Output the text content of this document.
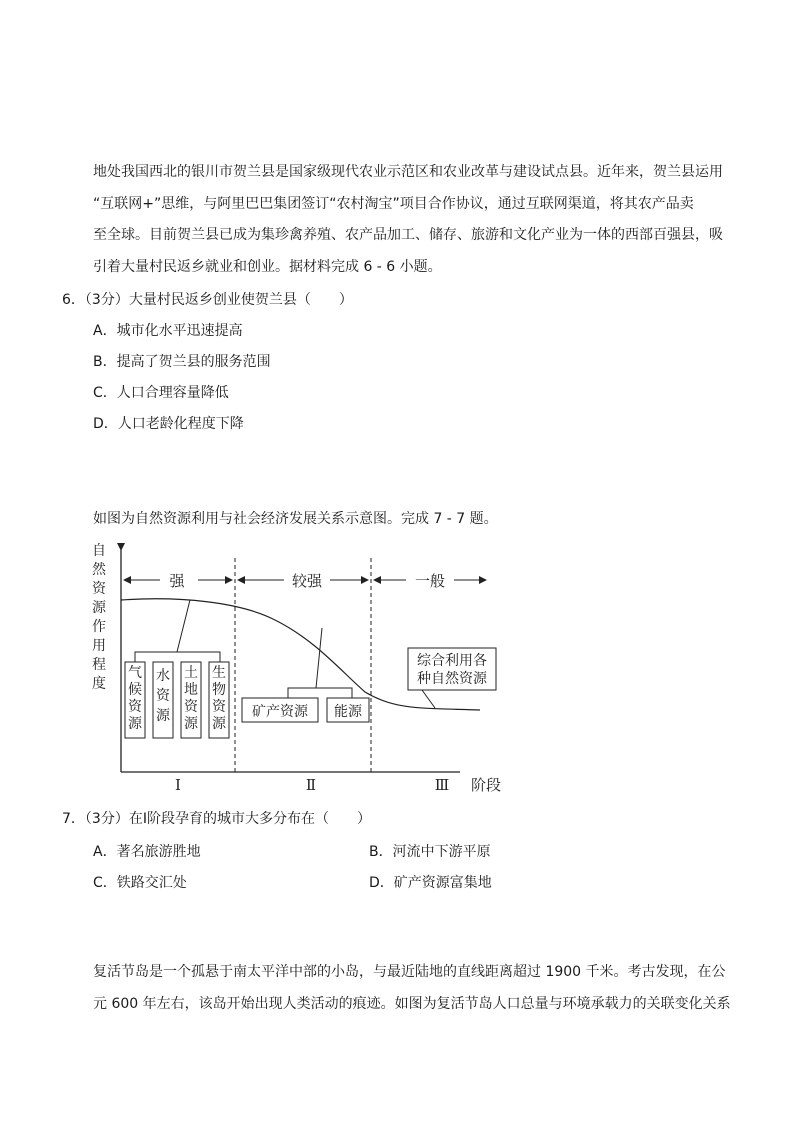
地处我国西北的银川市贺兰县是国家级现代农业示范区和农业改革与建设试点县。近年来，贺兰县运用
“互联网+”思维，与阿里巴巴集团签订“农村淘宝”项目合作协议，通过互联网渠道，将其农产品卖
至全球。目前贺兰县已成为集珍禽养殖、农产品加工、储存、旅游和文化产业为一体的西部百强县，吸
引着大量村民返乡就业和创业。据材料完成 6 - 6 小题。
6．（3分）大量村民返乡创业使贺兰县（　　）
A．城市化水平迅速提高
B．提高了贺兰县的服务范围
C．人口合理容量降低
D．人口老龄化程度下降
如图为自然资源利用与社会经济发展关系示意图。完成 7 - 7 题。
自然资源作用程度
强	较强	一般
气候资源
水资源
土地资源
生物资源
矿产资源 能源
综合利用各
种自然资源
Ⅰ	Ⅱ	Ⅲ 阶段
7．（3分）在Ⅰ阶段孕育的城市大多分布在（　　）
A．著名旅游胜地	B．河流中下游平原
C．铁路交汇处	D．矿产资源富集地
复活节岛是一个孤悬于南太平洋中部的小岛，与最近陆地的直线距离超过 1900 千米。考古发现，在公
元 600 年左右，该岛开始出现人类活动的痕迹。如图为复活节岛人口总量与环境承载力的关联变化关系
